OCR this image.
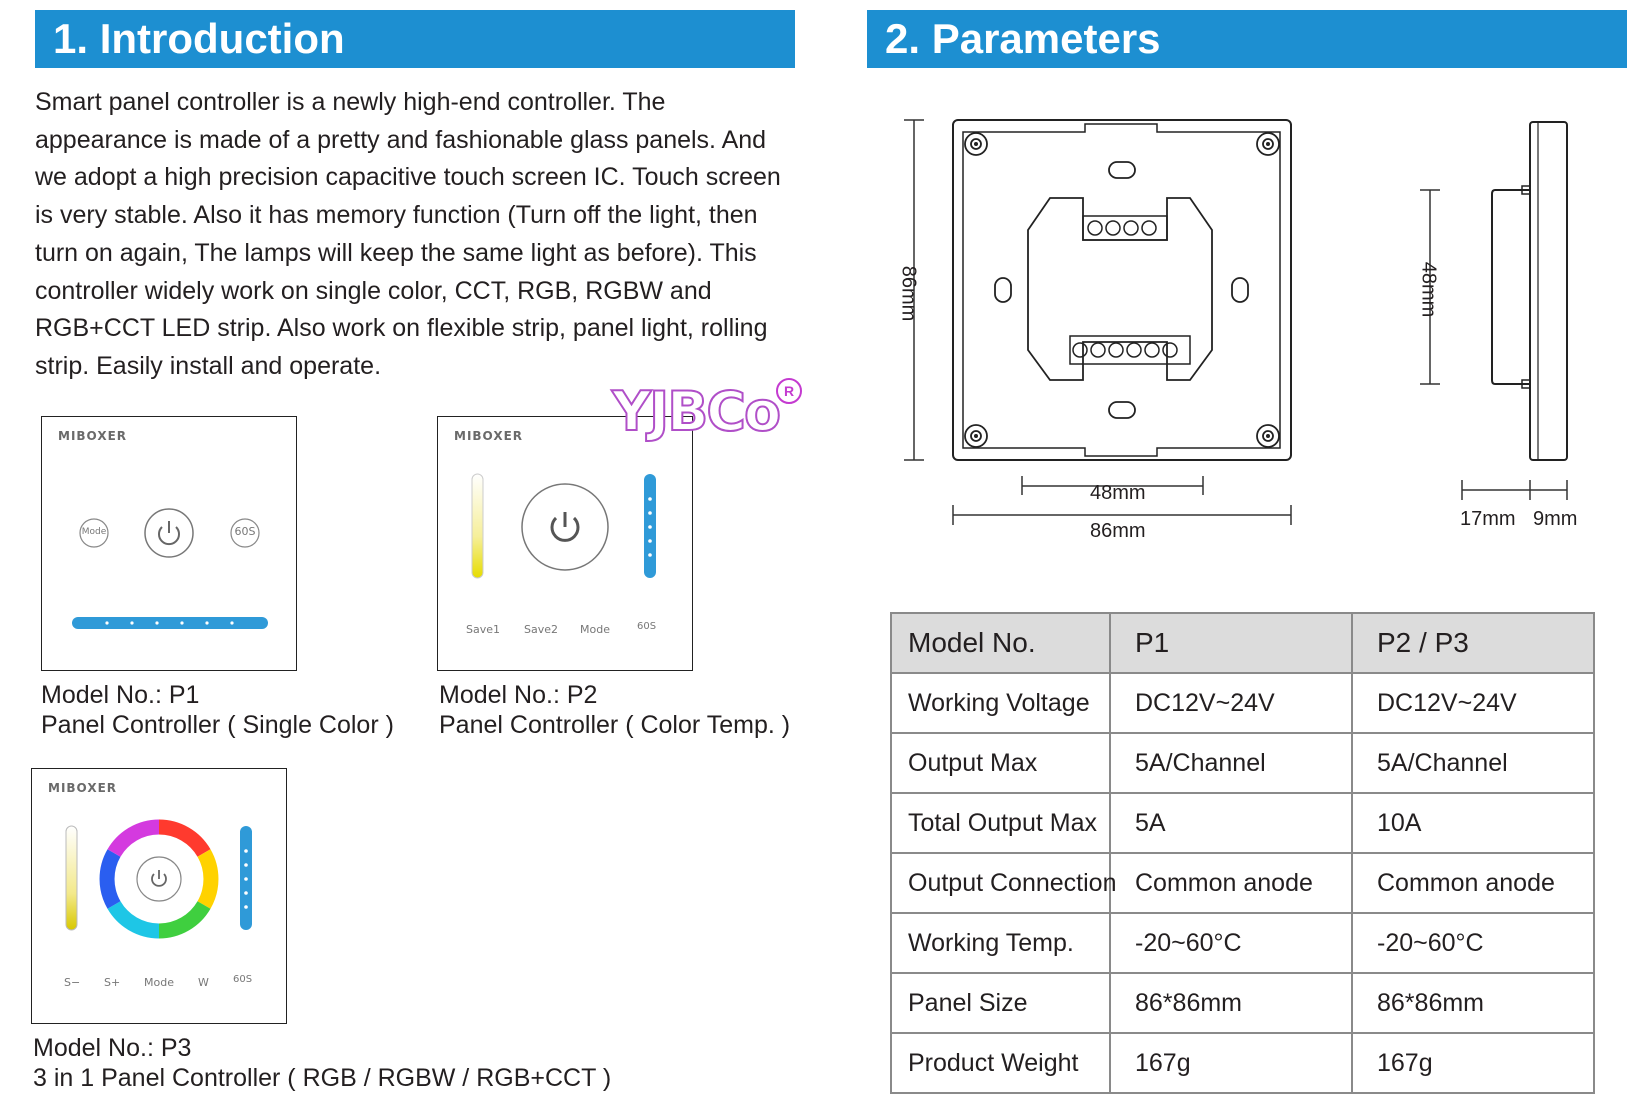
1. Introduction	2. Parameters
Smart panel controller is a newly high-end controller. The appearance is made of a pretty and fashionable glass panels. And we adopt a high precision capacitive touch screen IC. Touch screen is very stable. Also it has memory function (Turn off the light, then turn on again, The lamps will keep the same light as before). This controller widely work on single color, CCT, RGB, RGBW and RGB+CCT LED strip. Also work on flexible strip, panel light, rolling strip. Easily install and operate.
MIBOXER
Mode	60S
MIBOXER
Save1 Save2 Mode	60S
YJBCo R
MIBOXER
S− S+ Mode W 60S
Model No.: P1
Panel Controller ( Single Color )
Model No.: P2
Panel Controller ( Color Temp. )
Model No.: P3
3 in 1 Panel Controller ( RGB / RGBW / RGB+CCT )
86mm
48mm
86mm
48mm
17mm 9mm
Model No.	P1	P2 / P3
Working Voltage	DC12V~24V	DC12V~24V
Output Max	5A/Channel	5A/Channel
Total Output Max	5A	10A
Output Connection	Common anode	Common anode
Working Temp.	-20~60°C	-20~60°C
Panel Size	86*86mm	86*86mm
Product Weight	167g	167g
